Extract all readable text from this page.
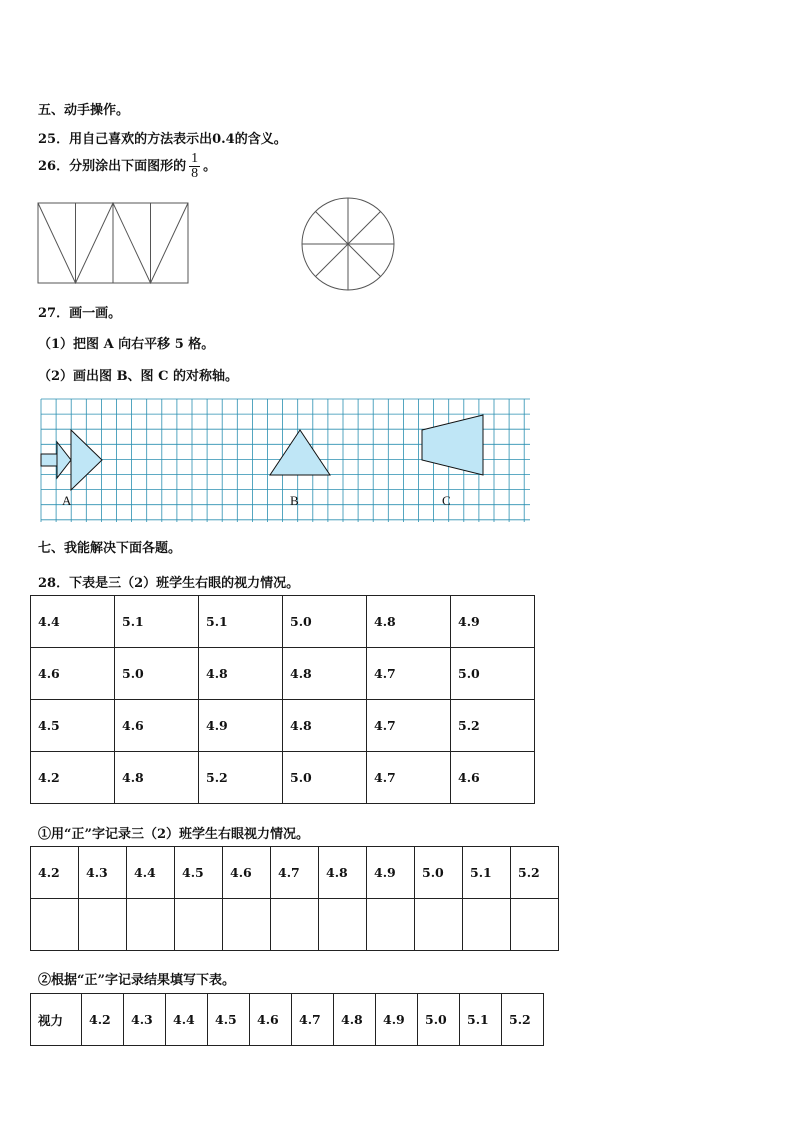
五、动手操作。
25．用自己喜欢的方法表示出0.4的含义。
26．分别涂出下面图形的 $\frac{1}{8}$ 。
27．画一画。
（1）把图 A 向右平移 5 格。
（2）画出图 B、图 C 的对称轴。
A	B	C
七、我能解决下面各题。
28．下表是三（2）班学生右眼的视力情况。
4.4	5.1	5.1	5.0	4.8	4.9
4.6	5.0	4.8	4.8	4.7	5.0
4.5	4.6	4.9	4.8	4.7	5.2
4.2	4.8	5.2	5.0	4.7	4.6
①用“正”字记录三（2）班学生右眼视力情况。
4.2	4.3	4.4	4.5	4.6	4.7	4.8	4.9	5.0	5.1	5.2

②根据“正”字记录结果填写下表。
视力	4.2	4.3	4.4	4.5	4.6	4.7	4.8	4.9	5.0	5.1	5.2
